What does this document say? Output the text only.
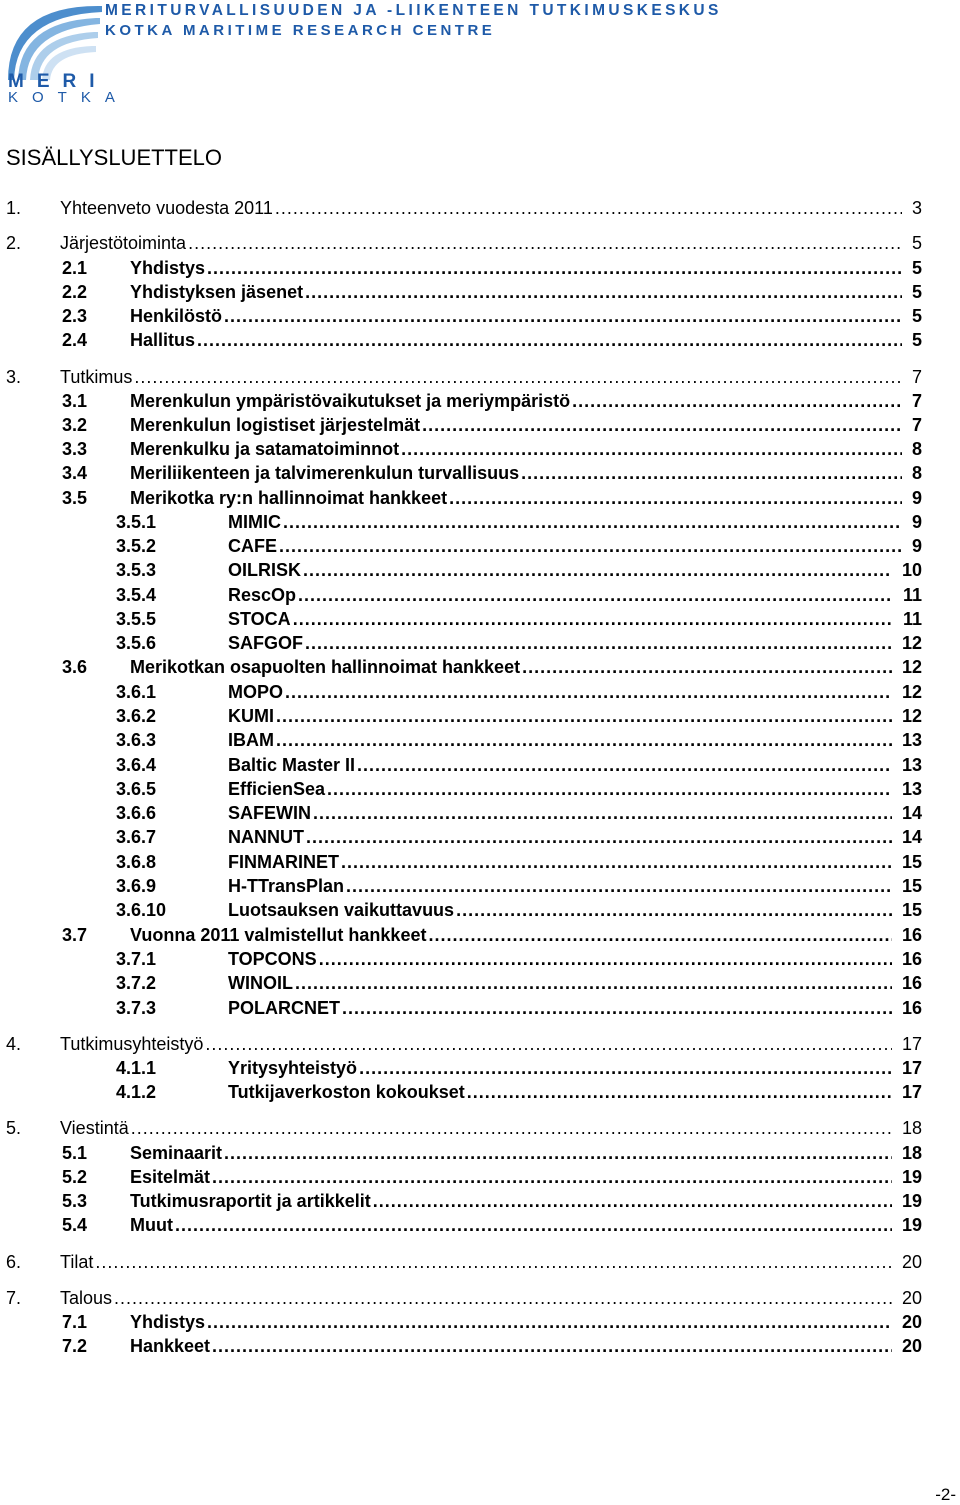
MERI
KOTKA
MERITURVALLISUUDEN JA -LIIKENTEEN TUTKIMUSKESKUS
KOTKA MARITIME RESEARCH CENTRE
SISÄLLYSLUETTELO
1. Yhteenveto vuodesta 2011 .....	3
2. Järjestötoiminta .....	5
2.1 Yhdistys .....	5
2.2 Yhdistyksen jäsenet .....	5
2.3 Henkilöstö .....	5
2.4 Hallitus .....	5
3. Tutkimus .....	7
3.1 Merenkulun ympäristövaikutukset ja meriympäristö .....	7
3.2 Merenkulun logistiset järjestelmät .....	7
3.3 Merenkulku ja satamatoiminnot .....	8
3.4 Meriliikenteen ja talvimerenkulun turvallisuus .....	8
3.5 Merikotka ry:n hallinnoimat hankkeet .....	9
3.5.1	MIMIC .....	9
3.5.2	CAFE .....	9
3.5.3	OILRISK .....	10
3.5.4	RescOp .....	11
3.5.5	STOCA .....	11
3.5.6	SAFGOF .....	12
3.6 Merikotkan osapuolten hallinnoimat hankkeet .....	12
3.6.1	MOPO .....	12
3.6.2	KUMI .....	12
3.6.3	IBAM .....	13
3.6.4	Baltic Master II .....	13
3.6.5	EfficienSea .....	13
3.6.6	SAFEWIN .....	14
3.6.7	NANNUT .....	14
3.6.8	FINMARINET .....	15
3.6.9	H-TTransPlan .....	15
3.6.10	Luotsauksen vaikuttavuus .....	15
3.7 Vuonna 2011 valmistellut hankkeet .....	16
3.7.1	TOPCONS .....	16
3.7.2	WINOIL .....	16
3.7.3	POLARCNET .....	16
4. Tutkimusyhteistyö .....	17
4.1.1	Yritysyhteistyö .....	17
4.1.2	Tutkijaverkoston kokoukset .....	17
5. Viestintä .....	18
5.1 Seminaarit .....	18
5.2 Esitelmät .....	19
5.3 Tutkimusraportit ja artikkelit .....	19
5.4 Muut .....	19
6. Tilat .....	20
7. Talous .....	20
7.1 Yhdistys .....	20
7.2 Hankkeet .....	20
-2-
